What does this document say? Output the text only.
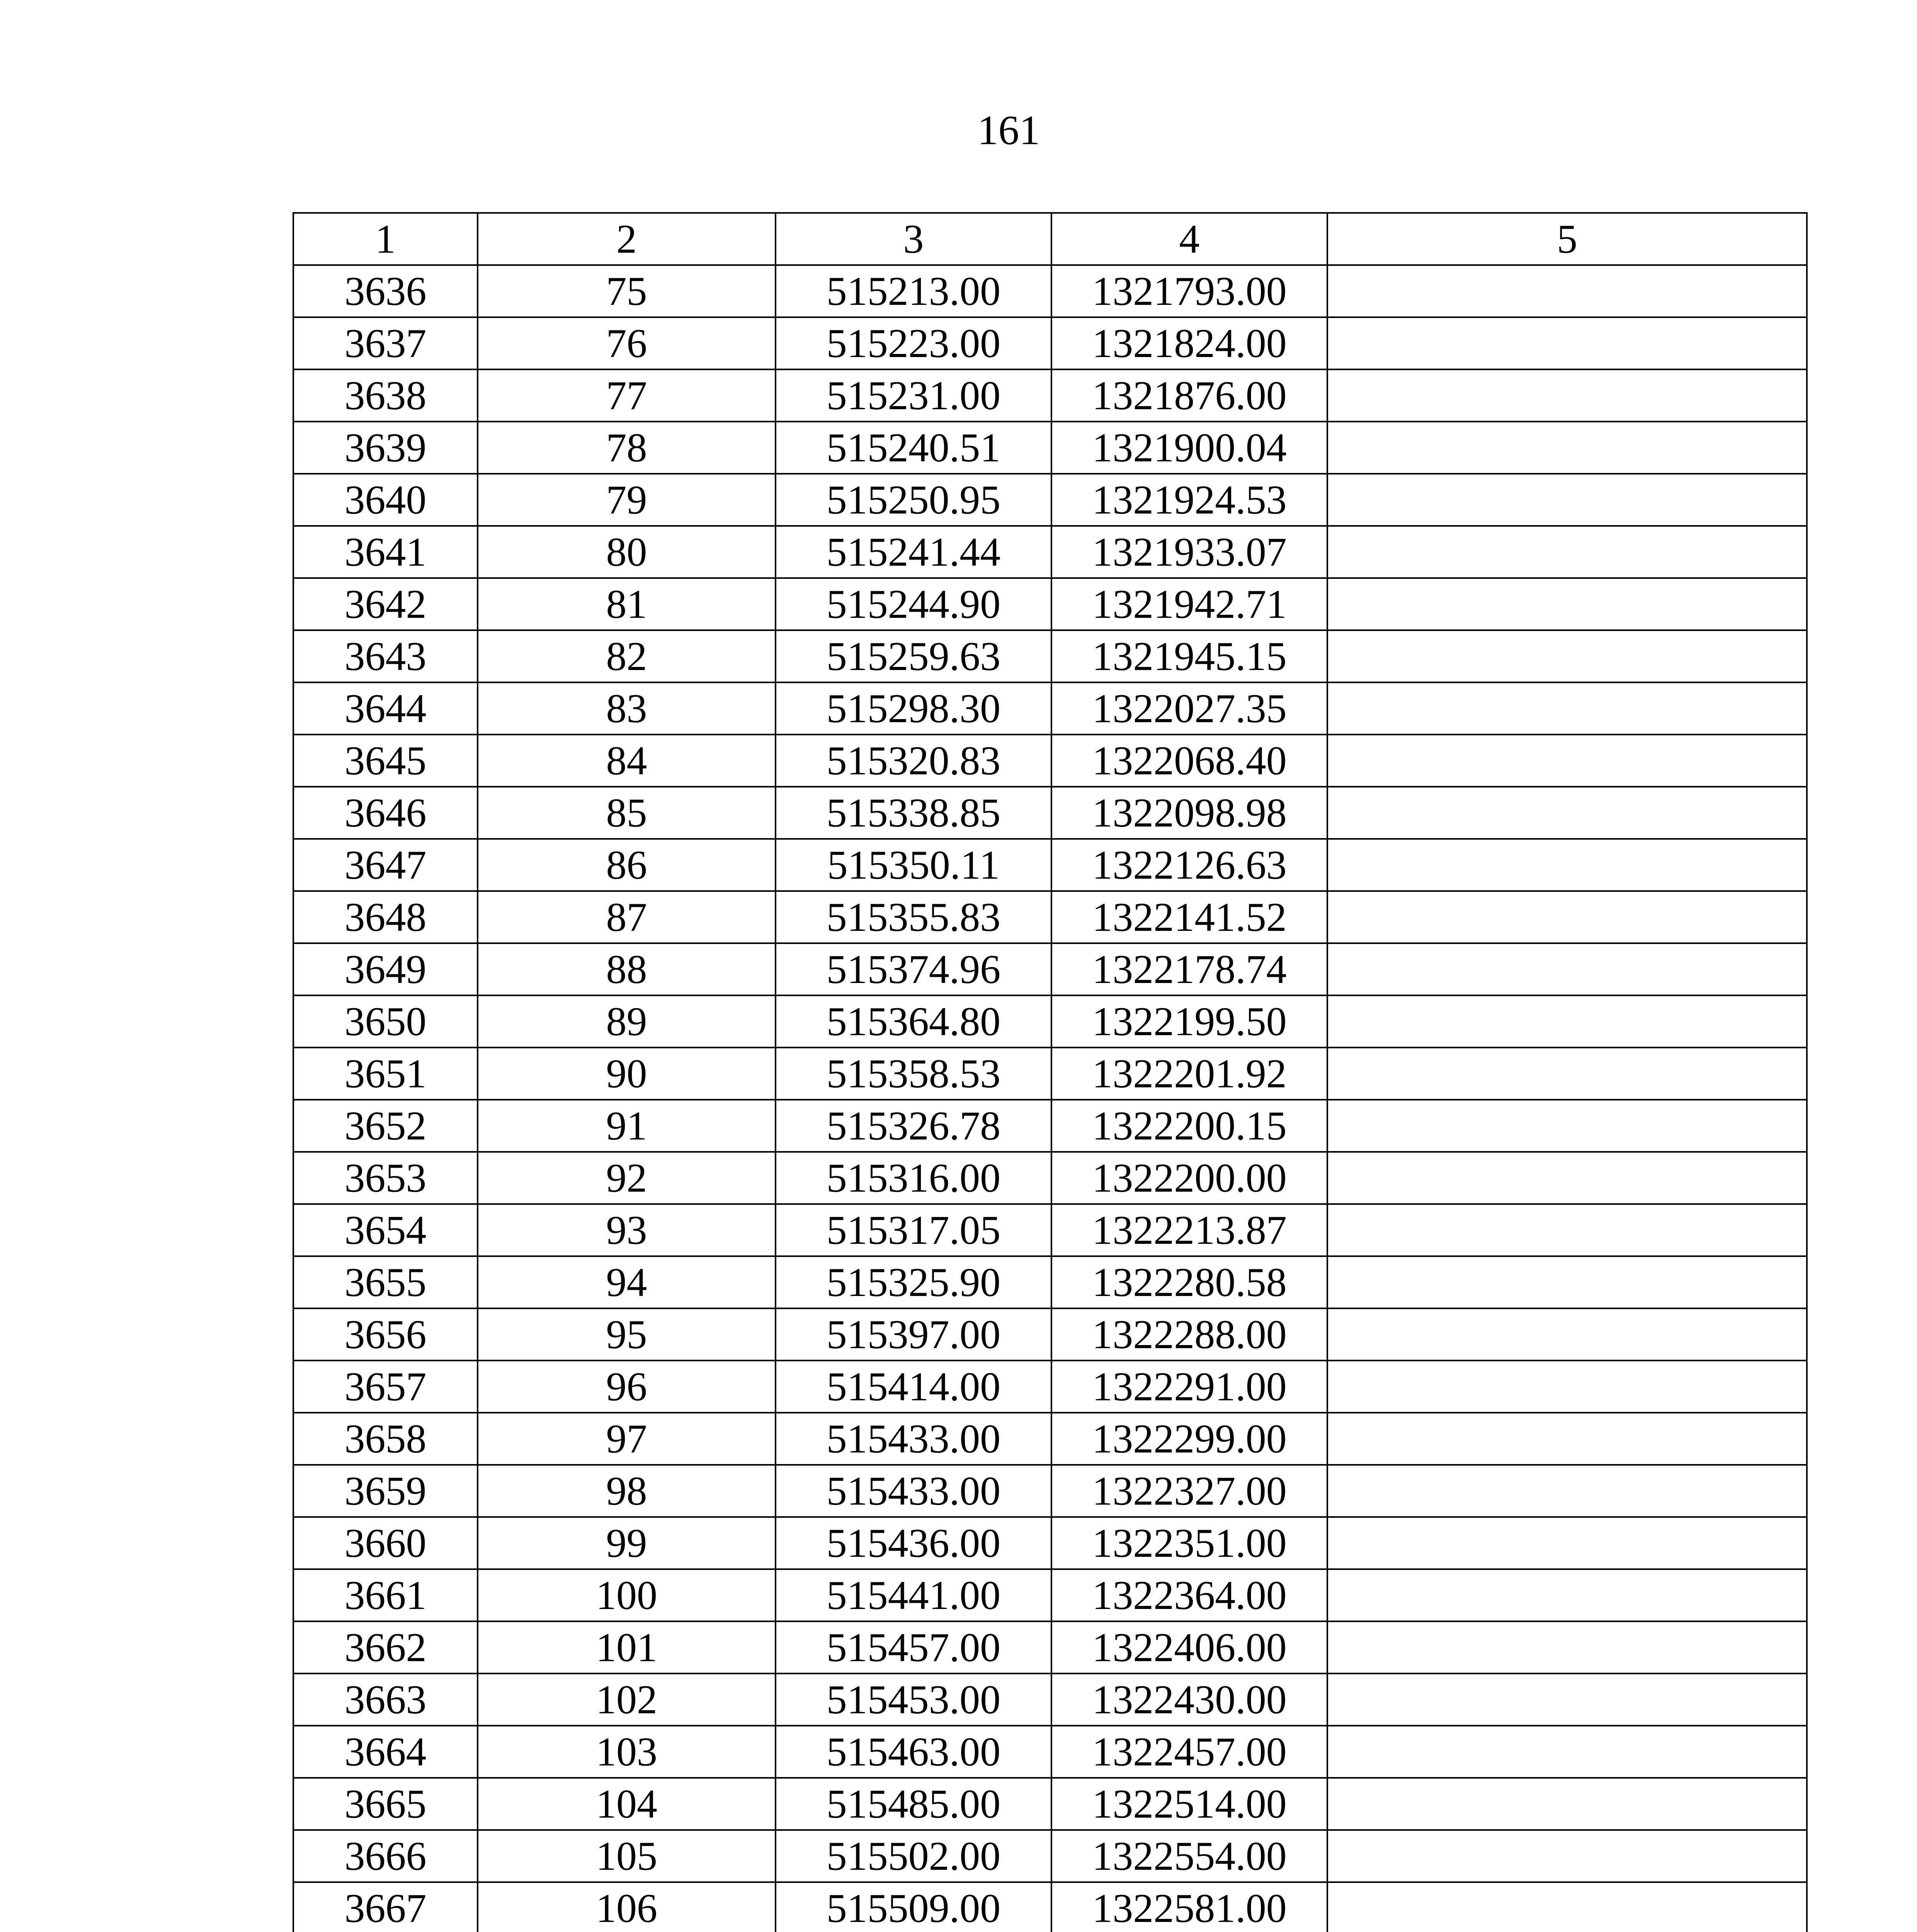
161
1	2	3	4	5
3636	75	515213.00	1321793.00	
3637	76	515223.00	1321824.00	
3638	77	515231.00	1321876.00	
3639	78	515240.51	1321900.04	
3640	79	515250.95	1321924.53	
3641	80	515241.44	1321933.07	
3642	81	515244.90	1321942.71	
3643	82	515259.63	1321945.15	
3644	83	515298.30	1322027.35	
3645	84	515320.83	1322068.40	
3646	85	515338.85	1322098.98	
3647	86	515350.11	1322126.63	
3648	87	515355.83	1322141.52	
3649	88	515374.96	1322178.74	
3650	89	515364.80	1322199.50	
3651	90	515358.53	1322201.92	
3652	91	515326.78	1322200.15	
3653	92	515316.00	1322200.00	
3654	93	515317.05	1322213.87	
3655	94	515325.90	1322280.58	
3656	95	515397.00	1322288.00	
3657	96	515414.00	1322291.00	
3658	97	515433.00	1322299.00	
3659	98	515433.00	1322327.00	
3660	99	515436.00	1322351.00	
3661	100	515441.00	1322364.00	
3662	101	515457.00	1322406.00	
3663	102	515453.00	1322430.00	
3664	103	515463.00	1322457.00	
3665	104	515485.00	1322514.00	
3666	105	515502.00	1322554.00	
3667	106	515509.00	1322581.00	
